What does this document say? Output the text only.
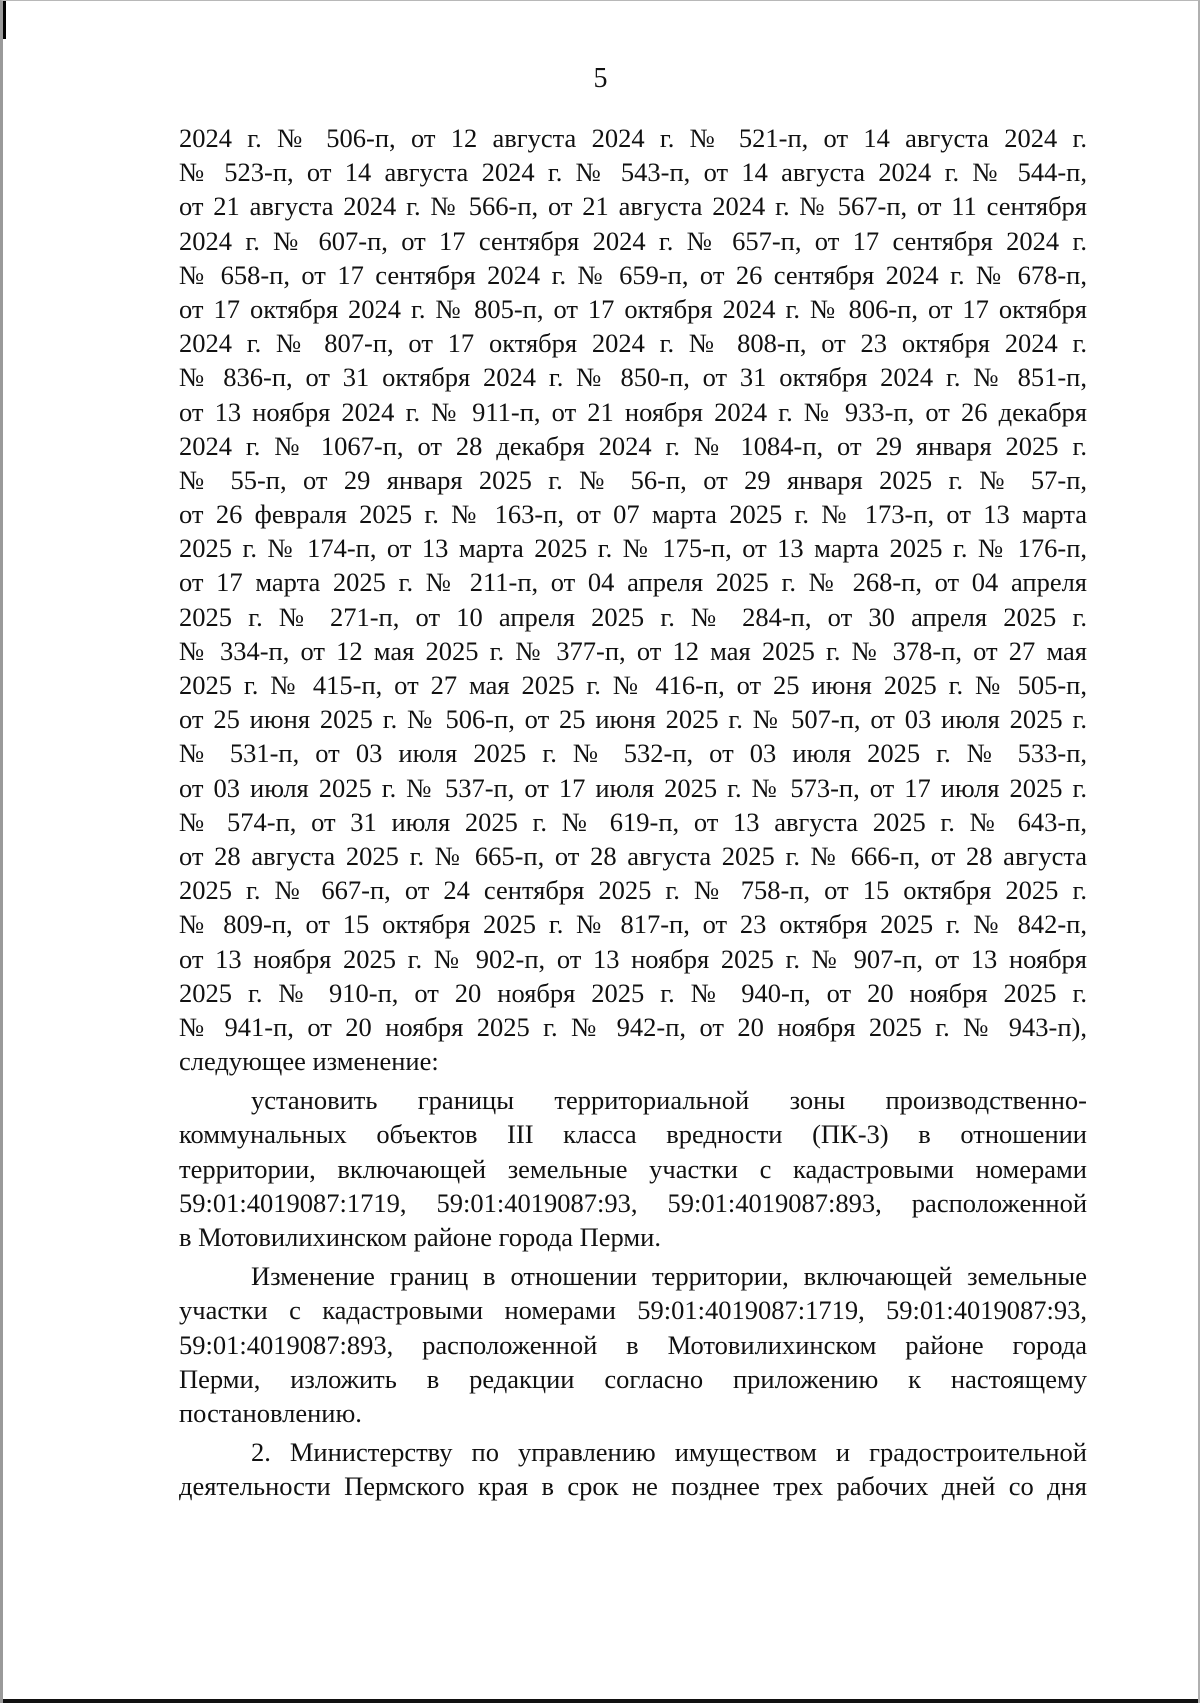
5
2024 г. № 506-п, от 12 августа 2024 г. № 521-п, от 14 августа 2024 г.
№ 523-п, от 14 августа 2024 г. № 543-п, от 14 августа 2024 г. № 544-п,
от 21 августа 2024 г. № 566-п, от 21 августа 2024 г. № 567-п, от 11 сентября
2024 г. № 607-п, от 17 сентября 2024 г. № 657-п, от 17 сентября 2024 г.
№ 658-п, от 17 сентября 2024 г. № 659-п, от 26 сентября 2024 г. № 678-п,
от 17 октября 2024 г. № 805-п, от 17 октября 2024 г. № 806-п, от 17 октября
2024 г. № 807-п, от 17 октября 2024 г. № 808-п, от 23 октября 2024 г.
№ 836-п, от 31 октября 2024 г. № 850-п, от 31 октября 2024 г. № 851-п,
от 13 ноября 2024 г. № 911-п, от 21 ноября 2024 г. № 933-п, от 26 декабря
2024 г. № 1067-п, от 28 декабря 2024 г. № 1084-п, от 29 января 2025 г.
№ 55-п, от 29 января 2025 г. № 56-п, от 29 января 2025 г. № 57-п,
от 26 февраля 2025 г. № 163-п, от 07 марта 2025 г. № 173-п, от 13 марта
2025 г. № 174-п, от 13 марта 2025 г. № 175-п, от 13 марта 2025 г. № 176-п,
от 17 марта 2025 г. № 211-п, от 04 апреля 2025 г. № 268-п, от 04 апреля
2025 г. № 271-п, от 10 апреля 2025 г. № 284-п, от 30 апреля 2025 г.
№ 334-п, от 12 мая 2025 г. № 377-п, от 12 мая 2025 г. № 378-п, от 27 мая
2025 г. № 415-п, от 27 мая 2025 г. № 416-п, от 25 июня 2025 г. № 505-п,
от 25 июня 2025 г. № 506-п, от 25 июня 2025 г. № 507-п, от 03 июля 2025 г.
№ 531-п, от 03 июля 2025 г. № 532-п, от 03 июля 2025 г. № 533-п,
от 03 июля 2025 г. № 537-п, от 17 июля 2025 г. № 573-п, от 17 июля 2025 г.
№ 574-п, от 31 июля 2025 г. № 619-п, от 13 августа 2025 г. № 643-п,
от 28 августа 2025 г. № 665-п, от 28 августа 2025 г. № 666-п, от 28 августа
2025 г. № 667-п, от 24 сентября 2025 г. № 758-п, от 15 октября 2025 г.
№ 809-п, от 15 октября 2025 г. № 817-п, от 23 октября 2025 г. № 842-п,
от 13 ноября 2025 г. № 902-п, от 13 ноября 2025 г. № 907-п, от 13 ноября
2025 г. № 910-п, от 20 ноября 2025 г. № 940-п, от 20 ноября 2025 г.
№ 941-п, от 20 ноября 2025 г. № 942-п, от 20 ноября 2025 г. № 943-п),
следующее изменение:
установить границы территориальной зоны производственно-
коммунальных объектов III класса вредности (ПК-3) в отношении
территории, включающей земельные участки с кадастровыми номерами
59:01:4019087:1719, 59:01:4019087:93, 59:01:4019087:893, расположенной
в Мотовилихинском районе города Перми.
Изменение границ в отношении территории, включающей земельные
участки с кадастровыми номерами 59:01:4019087:1719, 59:01:4019087:93,
59:01:4019087:893, расположенной в Мотовилихинском районе города
Перми, изложить в редакции согласно приложению к настоящему
постановлению.
2. Министерству по управлению имуществом и градостроительной
деятельности Пермского края в срок не позднее трех рабочих дней со дня
